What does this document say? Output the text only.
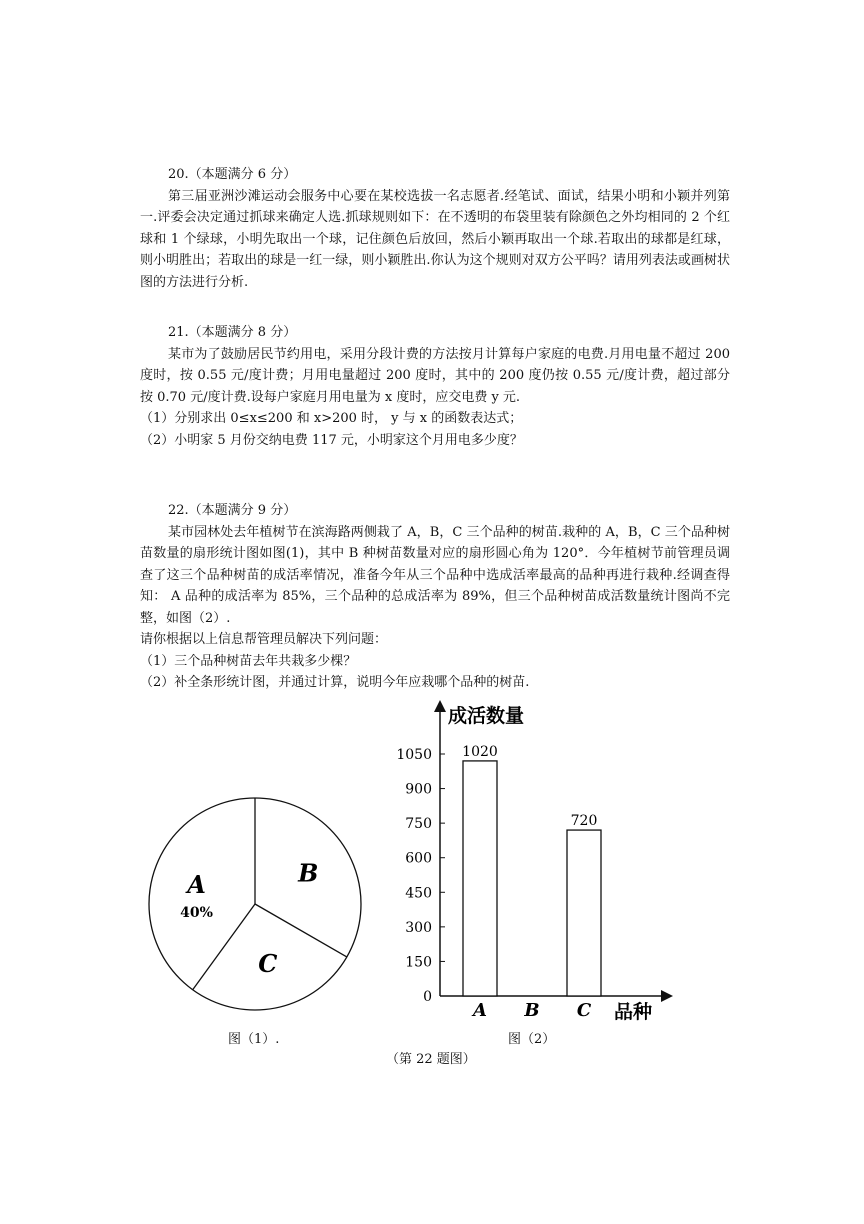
20.（本题满分 6 分）

第三届亚洲沙滩运动会服务中心要在某校选拔一名志愿者.经笔试、面试，结果小明和小颖并列第一.评委会决定通过抓球来确定人选.抓球规则如下：在不透明的布袋里装有除颜色之外均相同的 2 个红球和 1 个绿球，小明先取出一个球，记住颜色后放回，然后小颖再取出一个球.若取出的球都是红球，则小明胜出；若取出的球是一红一绿，则小颖胜出.你认为这个规则对双方公平吗？请用列表法或画树状图的方法进行分析.

21.（本题满分 8 分）

某市为了鼓励居民节约用电，采用分段计费的方法按月计算每户家庭的电费.月用电量不超过 200 度时，按 0.55 元/度计费；月用电量超过 200 度时，其中的 200 度仍按 0.55 元/度计费，超过部分按 0.70 元/度计费.设每户家庭月用电量为 x 度时，应交电费 y 元.

（1）分别求出 0≤x≤200 和 x>200 时， y 与 x 的函数表达式；

（2）小明家 5 月份交纳电费 117 元，小明家这个月用电多少度？

22.（本题满分 9 分）

某市园林处去年植树节在滨海路两侧栽了 A，B，C 三个品种的树苗.栽种的 A，B，C 三个品种树苗数量的扇形统计图如图(1)，其中 B 种树苗数量对应的扇形圆心角为 120°．今年植树节前管理员调查了这三个品种树苗的成活率情况，准备今年从三个品种中选成活率最高的品种再进行栽种.经调查得知： A 品种的成活率为 85%，三个品种的总成活率为 89%，但三个品种树苗成活数量统计图尚不完整，如图（2）.

请你根据以上信息帮管理员解决下列问题：

（1）三个品种树苗去年共栽多少棵？

（2）补全条形统计图，并通过计算，说明今年应栽哪个品种的树苗.

A
40%
B
C
成活数量
品种
0
150
300
450
600
750
900
1050 1020
A B
720
C
图（1）.	图（2）
（第 22 题图）
